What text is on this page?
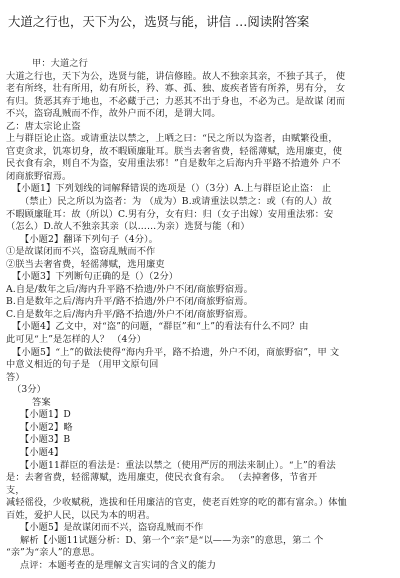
大道之行也，天下为公，选贤与能，讲信 …阅读附答案
甲：大道之行
大道之行也，天下为公，选贤与能，讲信修睦。故人不独亲其亲，不独子其子， 使
老有所终，壮有所用，幼有所长，矜、寡、孤、独、废疾者皆有所养，男有分， 女
有归。货恶其弃于地也，不必藏于己；力恶其不出于身也，不必为己。是故谋 闭而
不兴，盗窃乱贼而不作，故外户而不闭，是谓大同。
乙：唐太宗论止盗
上与群臣论止盗。或请重法以禁之，上哂之曰：“民之所以为盗者，由赋繁役重，
官吏贪求，饥寒切身，故不暇顾廉耻耳。朕当去奢省费，轻徭薄赋，选用廉吏，使
民衣食有余，则自不为盗，安用重法邪！”自是数年之后海内升平路不拾遗外 户不
闭商旅野宿焉。
【小题1】下列划线的词解释错误的选项是（）（3分）A.上与群臣论止盗： 止
（禁止）民之所以为盗者：为 （成为）B.或请重法以禁之：或（有的人）故
不暇顾廉耻耳：故（所以）C.男有分，女有归：归（女子出嫁）安用重法邪：安
（怎么）D.故人不独亲其亲（以……为亲）选贤与能（和）
【小题2】翻译下列句子（4分）。
①是故谋闭而不兴，盗窃乱贼而不作
②朕当去奢省费，轻徭薄赋，选用廉吏
【小题3】下列断句正确的是（）（2分）
A.自是/数年之后/海内升平路不拾遗/外户不闭/商旅野宿焉。
B.自是数年之后/海内升平/路不拾遗/外户不闭/商旅野宿焉。
C.自是数年之后/海内升平/路不拾遗/外户不闭/商旅野宿焉。
【小题4】乙文中，对“盗”的问题，“群臣”和“上”的看法有什么不同？由
此可见“上”是怎样的人？ （4分）
【小题5】“上”的做法使得“海内升平，路不拾遗，外户不闭，商旅野宿”，甲 文
中意义相近的句子是 （用甲文原句回
答）
（3分）
答案
【小题1】D
【小题2】略
【小题3】B
【小题4】
【小题11群臣的看法是：重法以禁之（使用严厉的刑法来制止）。“上”的看法
是：去奢省费，轻徭薄赋，选用廉吏，使民衣食有余。 （去掉奢侈，节省开
支，
减轻徭役，少收赋税，选拔和任用廉洁的官吏，使老百姓穿的吃的都有富余。）体恤
百姓，爱护人民，以民为本的明君。
【小题5】是故谋闭而不兴，盗窃乱贼而不作
解析【小题11试题分析：D、第一个“亲”是“以——为亲”的意思，第二 个
“亲”为“亲人”的意思。
点评：本题考查的是理解文言实词的含义的能力
